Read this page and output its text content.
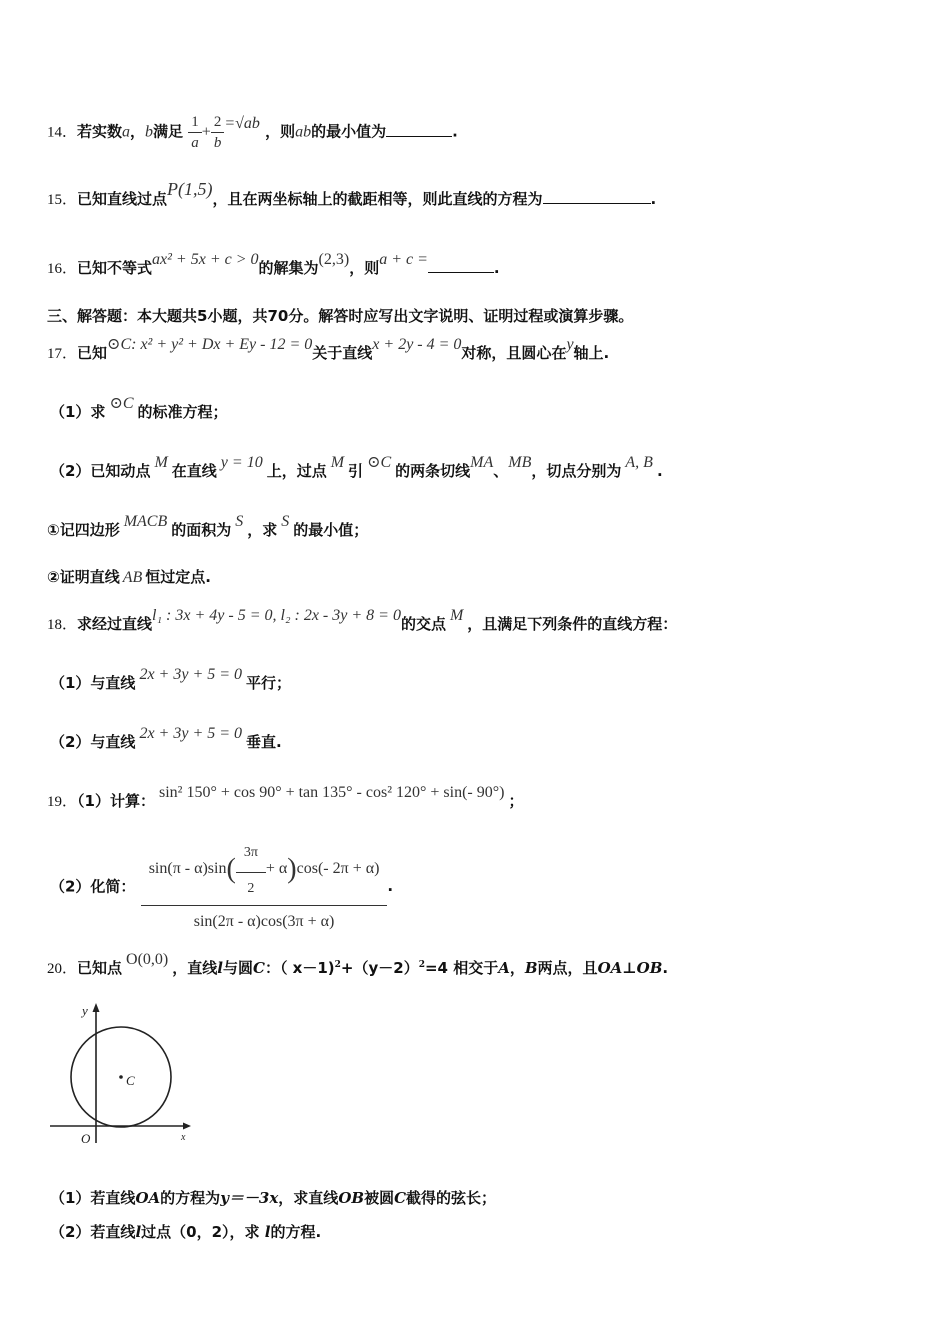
14．若实数a，b满足 $\frac{1}{a} + \frac{2}{b} =√ab$ ，则ab的最小值为	.
15．已知直线过点P(1,5)，且在两坐标轴上的截距相等，则此直线的方程为	.
16．已知不等式ax² + 5x + c > 0的解集为(2,3)，则a + c =	.
三、解答题：本大题共5小题，共70分。解答时应写出文字说明、证明过程或演算步骤。
17．已知⊙C: x² + y² + Dx + Ey - 12 = 0关于直线x + 2y - 4 = 0对称，且圆心在y轴上.
（1）求 ⊙C 的标准方程；
（2）已知动点 M 在直线 y = 10 上，过点 M 引 ⊙C 的两条切线MA、MB，切点分别为 A, B .
①记四边形 MACB 的面积为 S ，求 S 的最小值；
②证明直线 AB 恒过定点.
18．求经过直线l₁ : 3x + 4y - 5 = 0, l₂ : 2x - 3y + 8 = 0的交点 M ，且满足下列条件的直线方程：
（1）与直线 2x + 3y + 5 = 0 平行；
（2）与直线 2x + 3y + 5 = 0 垂直.
19．（1）计算： sin² 150° + cos 90° + tan 135° - cos² 120° + sin(- 90°) ；
（2）化简： $\frac{\sin(\pi - \alpha)\sin( \frac{3\pi}{2} + \alpha)\cos(- 2\pi + \alpha)}{\sin(2\pi - \alpha)\cos(3\pi + \alpha)}$ .
20．已知点 O(0,0) ，直线l与圆C：（ $x-1)^2+(y-2)^2=4$ 相交于A，B两点，且OA⊥OB.
y
x
O
C
（1）若直线OA的方程为y＝－3x，求直线OB被圆C截得的弦长；
（2）若直线l过点（0，2），求 l的方程.
